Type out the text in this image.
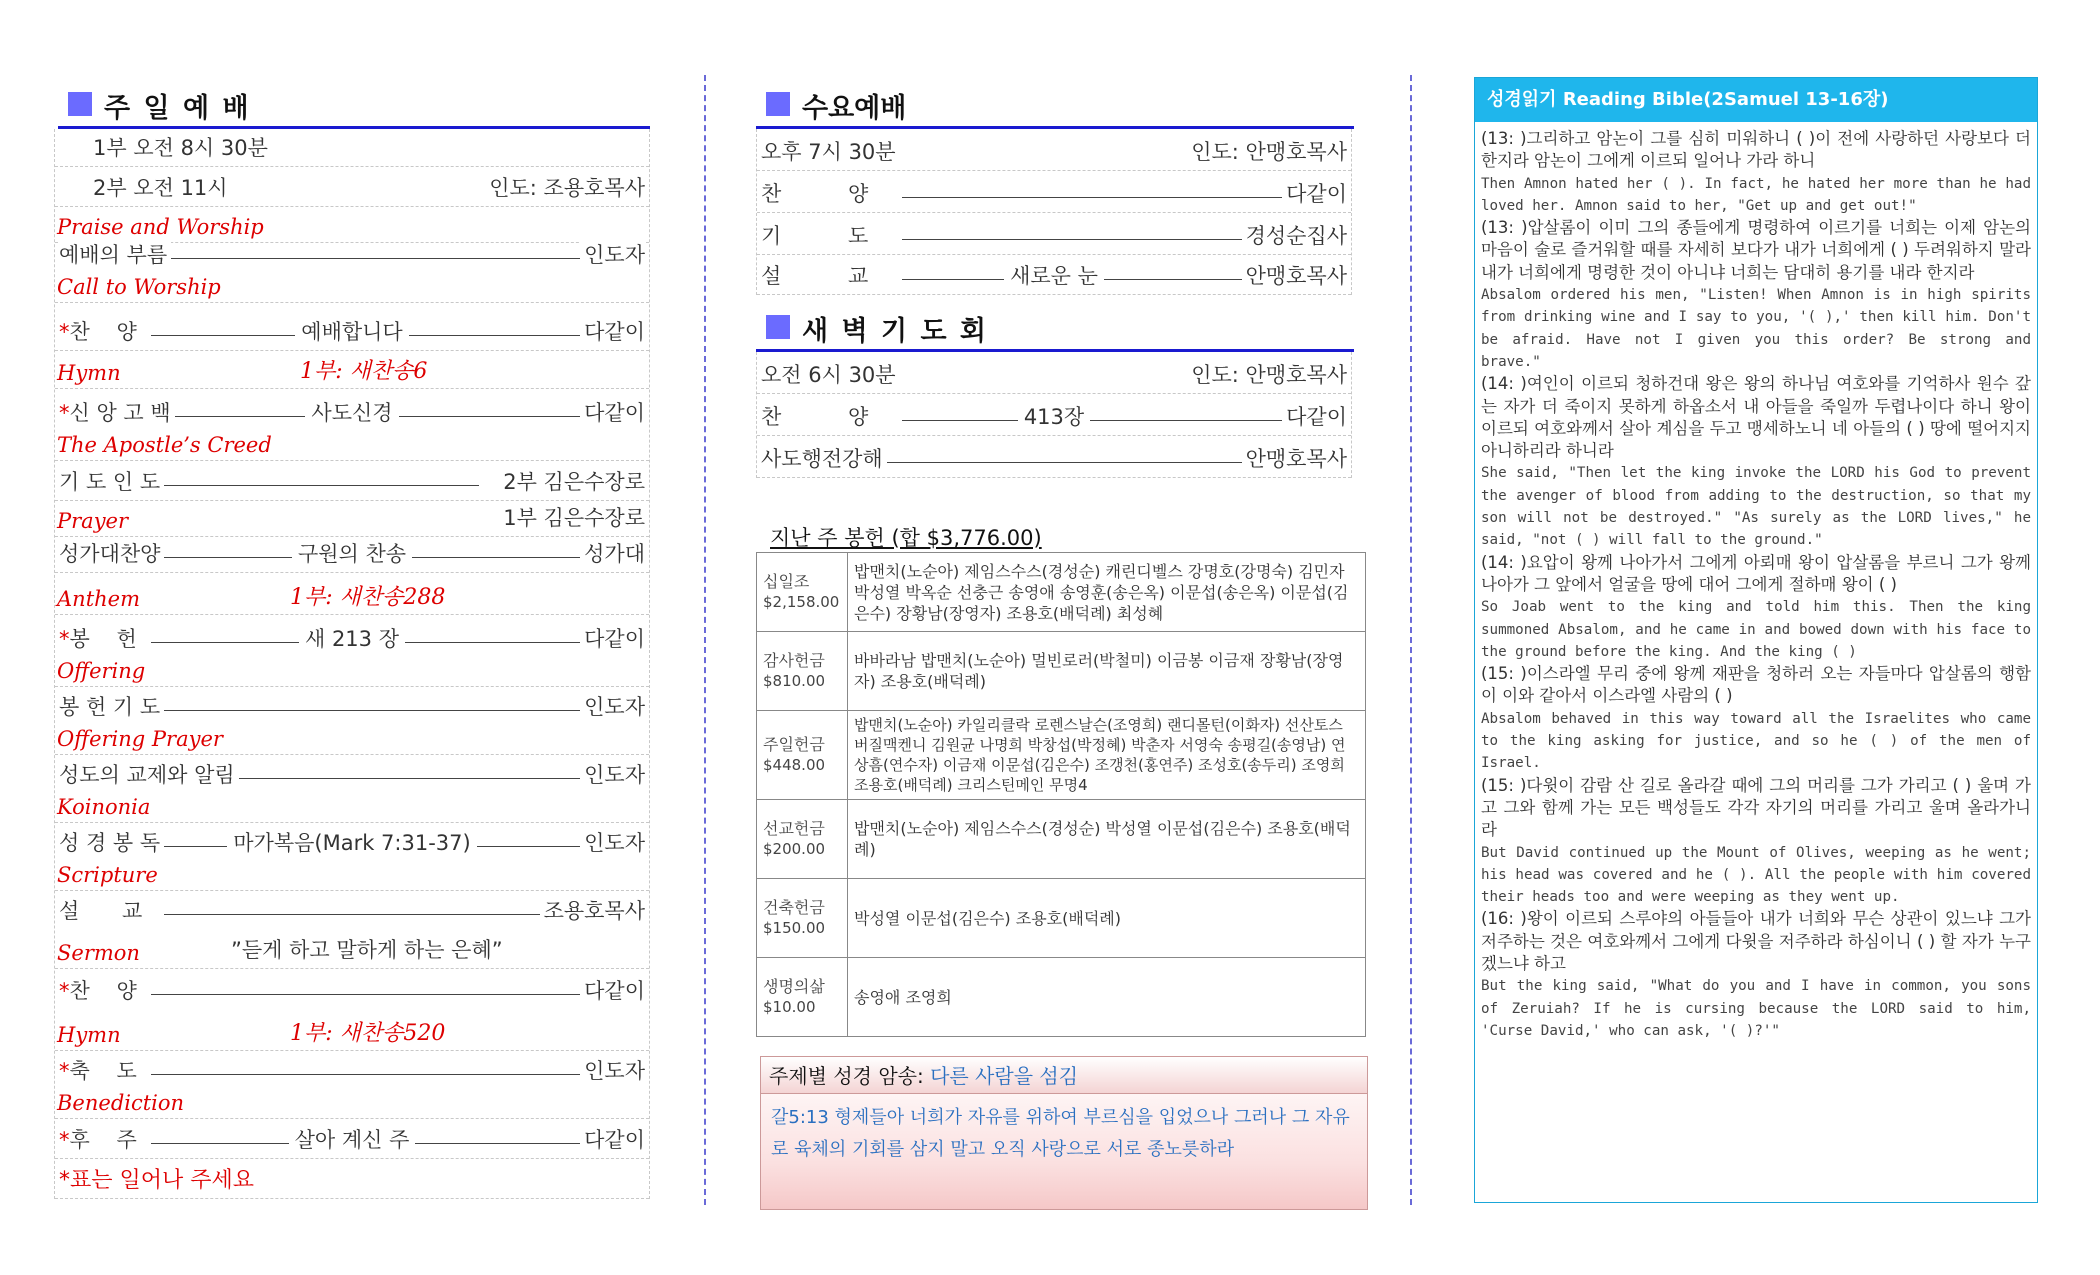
주 일 예 배
1부 오전 8시 30분
2부 오전 11시	인도: 조용호목사
Praise and Worship
예배의 부름	인도자
Call to Worship
*찬 양	예배합니다	다같이
Hymn	1부: 새찬송6
*신 앙 고 백	사도신경	다같이
The Apostle’s Creed
기 도 인 도	2부 김은수장로
Prayer	1부 김은수장로
성가대찬양	구원의 찬송	성가대
Anthem	1부: 새찬송288
*봉 헌	새 213 장	다같이
Offering
봉 헌 기 도	인도자
Offering Prayer
성도의 교제와 알림	인도자
Koinonia
성 경 봉 독	마가복음(Mark 7:31-37)	인도자
Scripture
설 교	조용호목사
Sermon	”듣게 하고 말하게 하는 은혜”
*찬 양	다같이
Hymn	1부: 새찬송520
*축 도	인도자
Benediction
*후 주	살아 계신 주	다같이
*표는 일어나 주세요
수요예배
오후 7시 30분	인도: 안맹호목사
찬 양	다같이
기 도	경성순집사
설 교	새로운 눈	안맹호목사
새 벽 기 도 회
오전 6시 30분	인도: 안맹호목사
찬 양	413장	다같이
사도행전강해	안맹호목사
지난 주 봉헌 (합 $3,776.00)
십일조
$2,158.00	밥맨치(노순아) 제임스수스(경성순) 캐린디벨스 강명호(강명숙) 김민자 박성열 박옥순 선충근 송영애 송영훈(송은옥) 이문섭(송은옥) 이문섭(김은수) 장황남(장영자) 조용호(배덕례) 최성혜

감사헌금
$810.00	바바라남 밥맨치(노순아) 멀빈로러(박철미) 이금봉 이금재 장황남(장영자) 조용호(배덕례)

주일헌금
$448.00	밥맨치(노순아) 카일리클락 로렌스날슨(조영희) 랜디몰턴(이화자) 선산토스 버질맥켄니 김원균 나명희 박창섭(박정혜) 박춘자 서영숙 송평길(송영남) 연상흠(연수자) 이금재 이문섭(김은수) 조갱천(홍연주) 조성호(송두리) 조영희 조용호(배덕례) 크리스틴메인 무명4

선교헌금
$200.00	밥맨치(노순아) 제임스수스(경성순) 박성열 이문섭(김은수) 조용호(배덕례)

건축헌금
$150.00	박성열 이문섭(김은수) 조용호(배덕례)

생명의삶
$10.00	송영애 조영희
주제별 성경 암송: 다른 사람을 섬김
갈5:13 형제들아 너희가 자유를 위하여 부르심을 입었으나 그러나 그 자유로 육체의 기회를 삼지 말고 오직 사랑으로 서로 종노릇하라
성경읽기 Reading Bible(2Samuel 13-16장)

(13: )그리하고 암논이 그를 심히 미워하니 ( )이 전에 사랑하던 사랑보다 더한지라 암논이 그에게 이르되 일어나 가라 하니

Then Amnon hated her ( ). In fact, he hated her more than he had loved her. Amnon said to her, "Get up and get out!"

(13: )압살롬이 이미 그의 종들에게 명령하여 이르기를 너희는 이제 암논의 마음이 술로 즐거워할 때를 자세히 보다가 내가 너희에게 ( ) 두려워하지 말라 내가 너희에게 명령한 것이 아니냐 너희는 담대히 용기를 내라 한지라

Absalom ordered his men, "Listen! When Amnon is in high spirits from drinking wine and I say to you, '( ),' then kill him. Don't be afraid. Have not I given you this order? Be strong and brave."

(14: )여인이 이르되 청하건대 왕은 왕의 하나님 여호와를 기억하사 원수 갚는 자가 더 죽이지 못하게 하옵소서 내 아들을 죽일까 두렵나이다 하니 왕이 이르되 여호와께서 살아 계심을 두고 맹세하노니 네 아들의 ( ) 땅에 떨어지지 아니하리라 하니라

She said, "Then let the king invoke the LORD his God to prevent the avenger of blood from adding to the destruction, so that my son will not be destroyed." "As surely as the LORD lives," he said, "not ( ) will fall to the ground."

(14: )요압이 왕께 나아가서 그에게 아뢰매 왕이 압살롬을 부르니 그가 왕께 나아가 그 앞에서 얼굴을 땅에 대어 그에게 절하매 왕이 ( )

So Joab went to the king and told him this. Then the king summoned Absalom, and he came in and bowed down with his face to the ground before the king. And the king ( )

(15: )이스라엘 무리 중에 왕께 재판을 청하러 오는 자들마다 압살롬의 행함이 이와 같아서 이스라엘 사람의 ( )

Absalom behaved in this way toward all the Israelites who came to the king asking for justice, and so he ( ) of the men of Israel.

(15: )다윗이 감람 산 길로 올라갈 때에 그의 머리를 그가 가리고 ( ) 울며 가고 그와 함께 가는 모든 백성들도 각각 자기의 머리를 가리고 울며 올라가니라

But David continued up the Mount of Olives, weeping as he went; his head was covered and he ( ). All the people with him covered their heads too and were weeping as they went up.

(16: )왕이 이르되 스루야의 아들들아 내가 너희와 무슨 상관이 있느냐 그가 저주하는 것은 여호와께서 그에게 다윗을 저주하라 하심이니 ( ) 할 자가 누구겠느냐 하고

But the king said, "What do you and I have in common, you sons of Zeruiah? If he is cursing because the LORD said to him, 'Curse David,' who can ask, '( )?'"
